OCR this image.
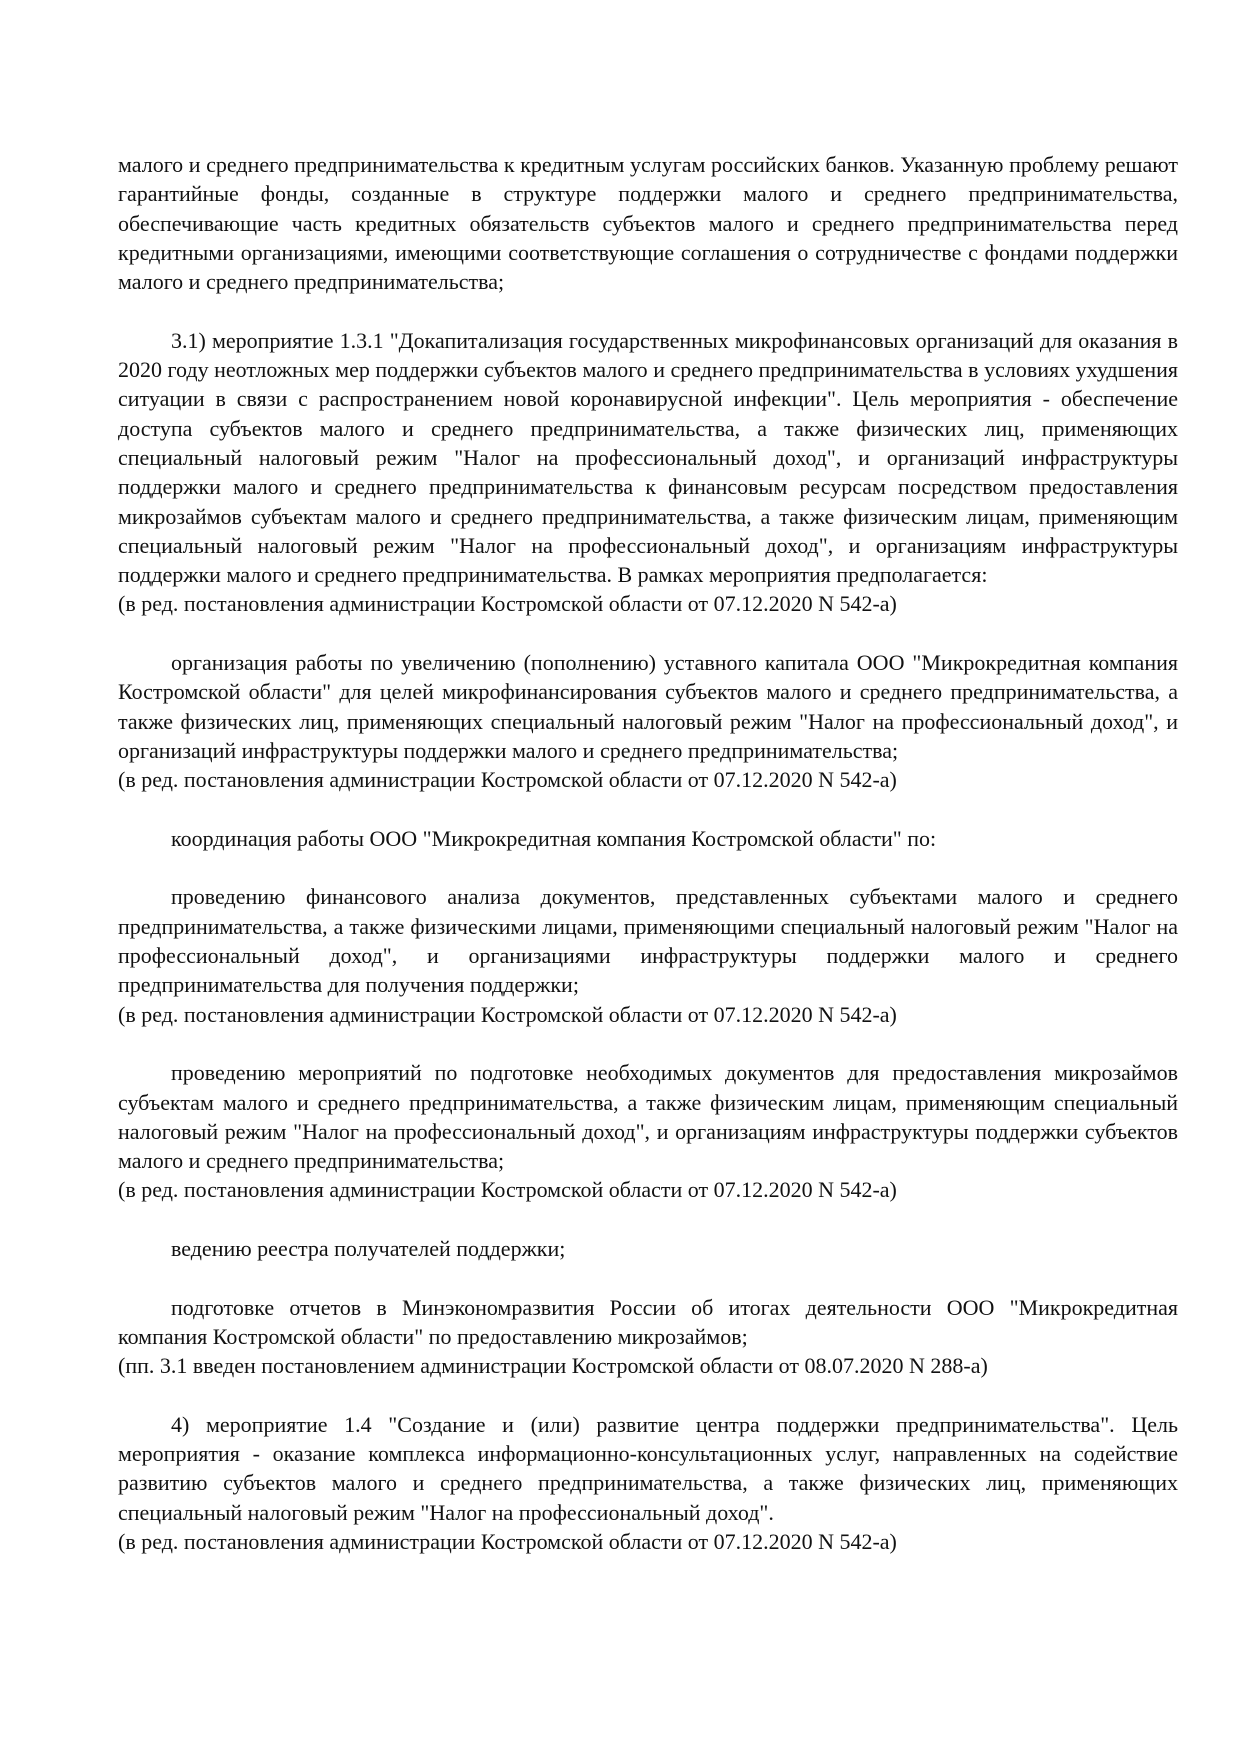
малого и среднего предпринимательства к кредитным услугам российских банков. Указанную проблему решают гарантийные фонды, созданные в структуре поддержки малого и среднего предпринимательства, обеспечивающие часть кредитных обязательств субъектов малого и среднего предпринимательства перед кредитными организациями, имеющими соответствующие соглашения о сотрудничестве с фондами поддержки малого и среднего предпринимательства;

3.1) мероприятие 1.3.1 "Докапитализация государственных микрофинансовых организаций для оказания в 2020 году неотложных мер поддержки субъектов малого и среднего предпринимательства в условиях ухудшения ситуации в связи с распространением новой коронавирусной инфекции". Цель мероприятия - обеспечение доступа субъектов малого и среднего предпринимательства, а также физических лиц, применяющих специальный налоговый режим "Налог на профессиональный доход", и организаций инфраструктуры поддержки малого и среднего предпринимательства к финансовым ресурсам посредством предоставления микрозаймов субъектам малого и среднего предпринимательства, а также физическим лицам, применяющим специальный налоговый режим "Налог на профессиональный доход", и организациям инфраструктуры поддержки малого и среднего предпринимательства. В рамках мероприятия предполагается:
(в ред. постановления администрации Костромской области от 07.12.2020 N 542-а)

организация работы по увеличению (пополнению) уставного капитала ООО "Микрокредитная компания Костромской области" для целей микрофинансирования субъектов малого и среднего предпринимательства, а также физических лиц, применяющих специальный налоговый режим "Налог на профессиональный доход", и организаций инфраструктуры поддержки малого и среднего предпринимательства;
(в ред. постановления администрации Костромской области от 07.12.2020 N 542-а)

координация работы ООО "Микрокредитная компания Костромской области" по:

проведению финансового анализа документов, представленных субъектами малого и среднего предпринимательства, а также физическими лицами, применяющими специальный налоговый режим "Налог на профессиональный доход", и организациями инфраструктуры поддержки малого и среднего предпринимательства для получения поддержки;
(в ред. постановления администрации Костромской области от 07.12.2020 N 542-а)

проведению мероприятий по подготовке необходимых документов для предоставления микрозаймов субъектам малого и среднего предпринимательства, а также физическим лицам, применяющим специальный налоговый режим "Налог на профессиональный доход", и организациям инфраструктуры поддержки субъектов малого и среднего предпринимательства;
(в ред. постановления администрации Костромской области от 07.12.2020 N 542-а)

ведению реестра получателей поддержки;

подготовке отчетов в Минэкономразвития России об итогах деятельности ООО "Микрокредитная компания Костромской области" по предоставлению микрозаймов;
(пп. 3.1 введен постановлением администрации Костромской области от 08.07.2020 N 288-а)

4) мероприятие 1.4 "Создание и (или) развитие центра поддержки предпринимательства". Цель мероприятия - оказание комплекса информационно-консультационных услуг, направленных на содействие развитию субъектов малого и среднего предпринимательства, а также физических лиц, применяющих специальный налоговый режим "Налог на профессиональный доход".
(в ред. постановления администрации Костромской области от 07.12.2020 N 542-а)
